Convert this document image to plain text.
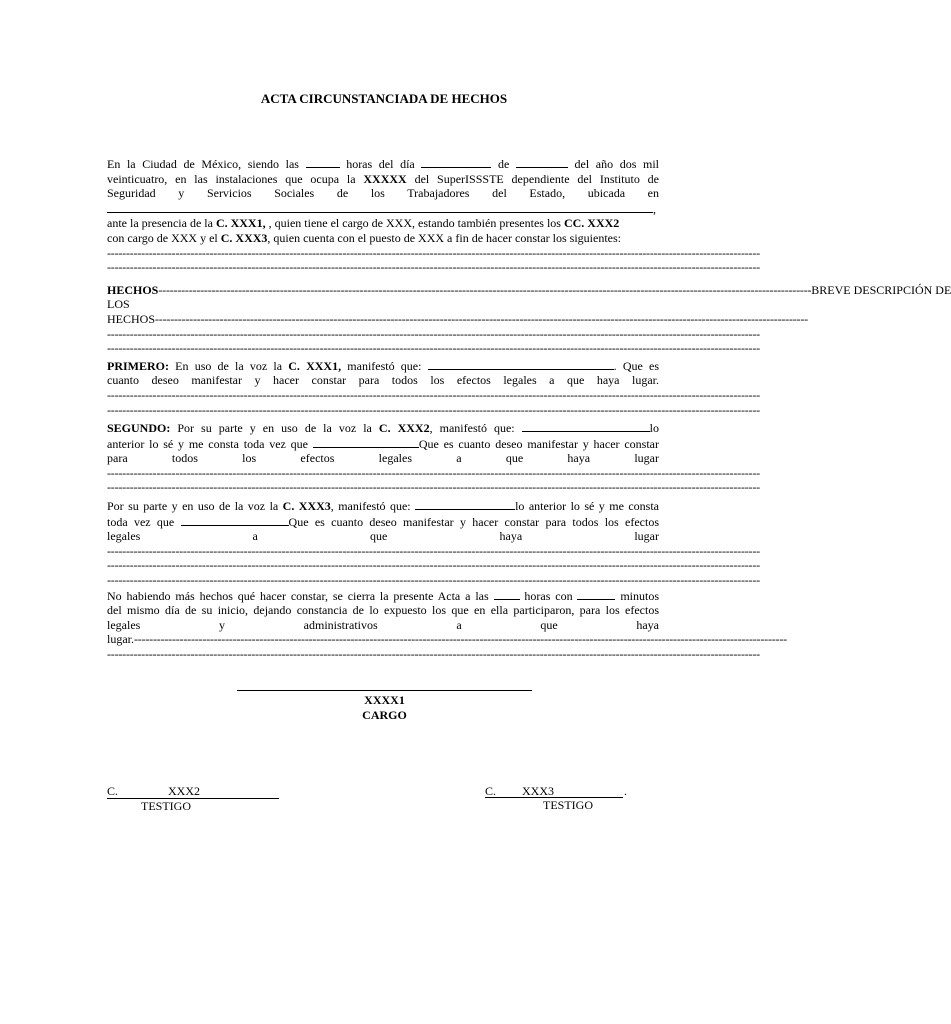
ACTA CIRCUNSTANCIADA DE HECHOS

En la Ciudad de México, siendo las	horas del día	de	del año dos mil

veinticuatro, en las instalaciones que ocupa la XXXXX del SuperISSSTE dependiente del Instituto de

Seguridad y Servicios Sociales de los Trabajadores del Estado, ubicada en

,

ante la presencia de la C. XXX1, , quien tiene el cargo de XXX, estando también presentes los CC. XXX2

con cargo de XXX y el C. XXX3, quien cuenta con el puesto de XXX a fin de hacer constar los siguientes:

----------------------------------------------------------------------------------------------------------------------------------------------------------------------------

----------------------------------------------------------------------------------------------------------------------------------------------------------------------------

HECHOS ---------------------------------------------------------------------------------------------------------------------------------------------------------------------------- BREVE DESCRIPCIÓN DE

LOS

HECHOS ----------------------------------------------------------------------------------------------------------------------------------------------------------------------------

----------------------------------------------------------------------------------------------------------------------------------------------------------------------------

----------------------------------------------------------------------------------------------------------------------------------------------------------------------------

PRIMERO: En uso de la voz la C. XXX1, manifestó que:	. Que es

cuanto deseo manifestar y hacer constar para todos los efectos legales a que haya lugar.

----------------------------------------------------------------------------------------------------------------------------------------------------------------------------

----------------------------------------------------------------------------------------------------------------------------------------------------------------------------

SEGUNDO: Por su parte y en uso de la voz la C. XXX2, manifestó que:	lo

anterior lo sé y me consta toda vez que	Que es cuanto deseo manifestar y hacer constar

para todos los efectos legales a que haya lugar

----------------------------------------------------------------------------------------------------------------------------------------------------------------------------

----------------------------------------------------------------------------------------------------------------------------------------------------------------------------

Por su parte y en uso de la voz la C. XXX3, manifestó que:	lo anterior lo sé y me consta

toda vez que	Que es cuanto deseo manifestar y hacer constar para todos los efectos

legales a que haya lugar

----------------------------------------------------------------------------------------------------------------------------------------------------------------------------

----------------------------------------------------------------------------------------------------------------------------------------------------------------------------

----------------------------------------------------------------------------------------------------------------------------------------------------------------------------

No habiendo más hechos qué hacer constar, se cierra la presente Acta a las  horas con	minutos

del mismo día de su inicio, dejando constancia de lo expuesto los que en ella participaron, para los efectos

legales y administrativos a que haya

lugar. ----------------------------------------------------------------------------------------------------------------------------------------------------------------------------

----------------------------------------------------------------------------------------------------------------------------------------------------------------------------

XXXX1
CARGO
C.	XXX2
TESTIGO
C. XXX3	.
TESTIGO
